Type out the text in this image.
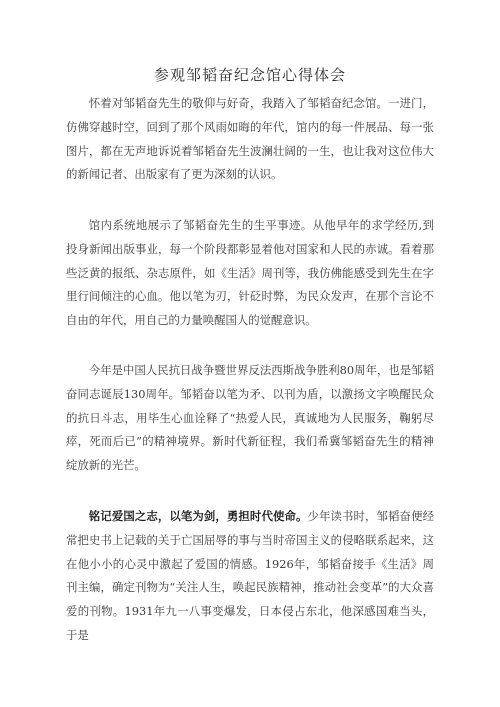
参观邹韬奋纪念馆心得体会

怀着对邹韬奋先生的敬仰与好奇，我踏入了邹韬奋纪念馆。一进门，仿佛穿越时空，回到了那个风雨如晦的年代，馆内的每一件展品、每一张图片，都在无声地诉说着邹韬奋先生波澜壮阔的一生，也让我对这位伟大的新闻记者、出版家有了更为深刻的认识。

馆内系统地展示了邹韬奋先生的生平事迹。从他早年的求学经历,到投身新闻出版事业，每一个阶段都彰显着他对国家和人民的赤诚。看着那些泛黄的报纸、杂志原件，如《生活》周刊等，我仿佛能感受到先生在字里行间倾注的心血。他以笔为刃，针砭时弊，为民众发声，在那个言论不自由的年代，用自己的力量唤醒国人的觉醒意识。

今年是中国人民抗日战争暨世界反法西斯战争胜利80周年，也是邹韬奋同志诞辰130周年。邹韬奋以笔为矛、以刊为盾，以激扬文字唤醒民众的抗日斗志，用毕生心血诠释了“热爱人民，真诚地为人民服务，鞠躬尽瘁，死而后已”的精神境界。新时代新征程，我们希冀邹韬奋先生的精神绽放新的光芒。

铭记爱国之志，以笔为剑，勇担时代使命。少年读书时，邹韬奋便经常把史书上记载的关于亡国屈辱的事与当时帝国主义的侵略联系起来，这在他小小的心灵中激起了爱国的情感。1926年，邹韬奋接手《生活》周刊主编，确定刊物为“关注人生，唤起民族精神，推动社会变革”的大众喜爱的刊物。1931年九一八事变爆发，日本侵占东北，他深感国难当头，于是
